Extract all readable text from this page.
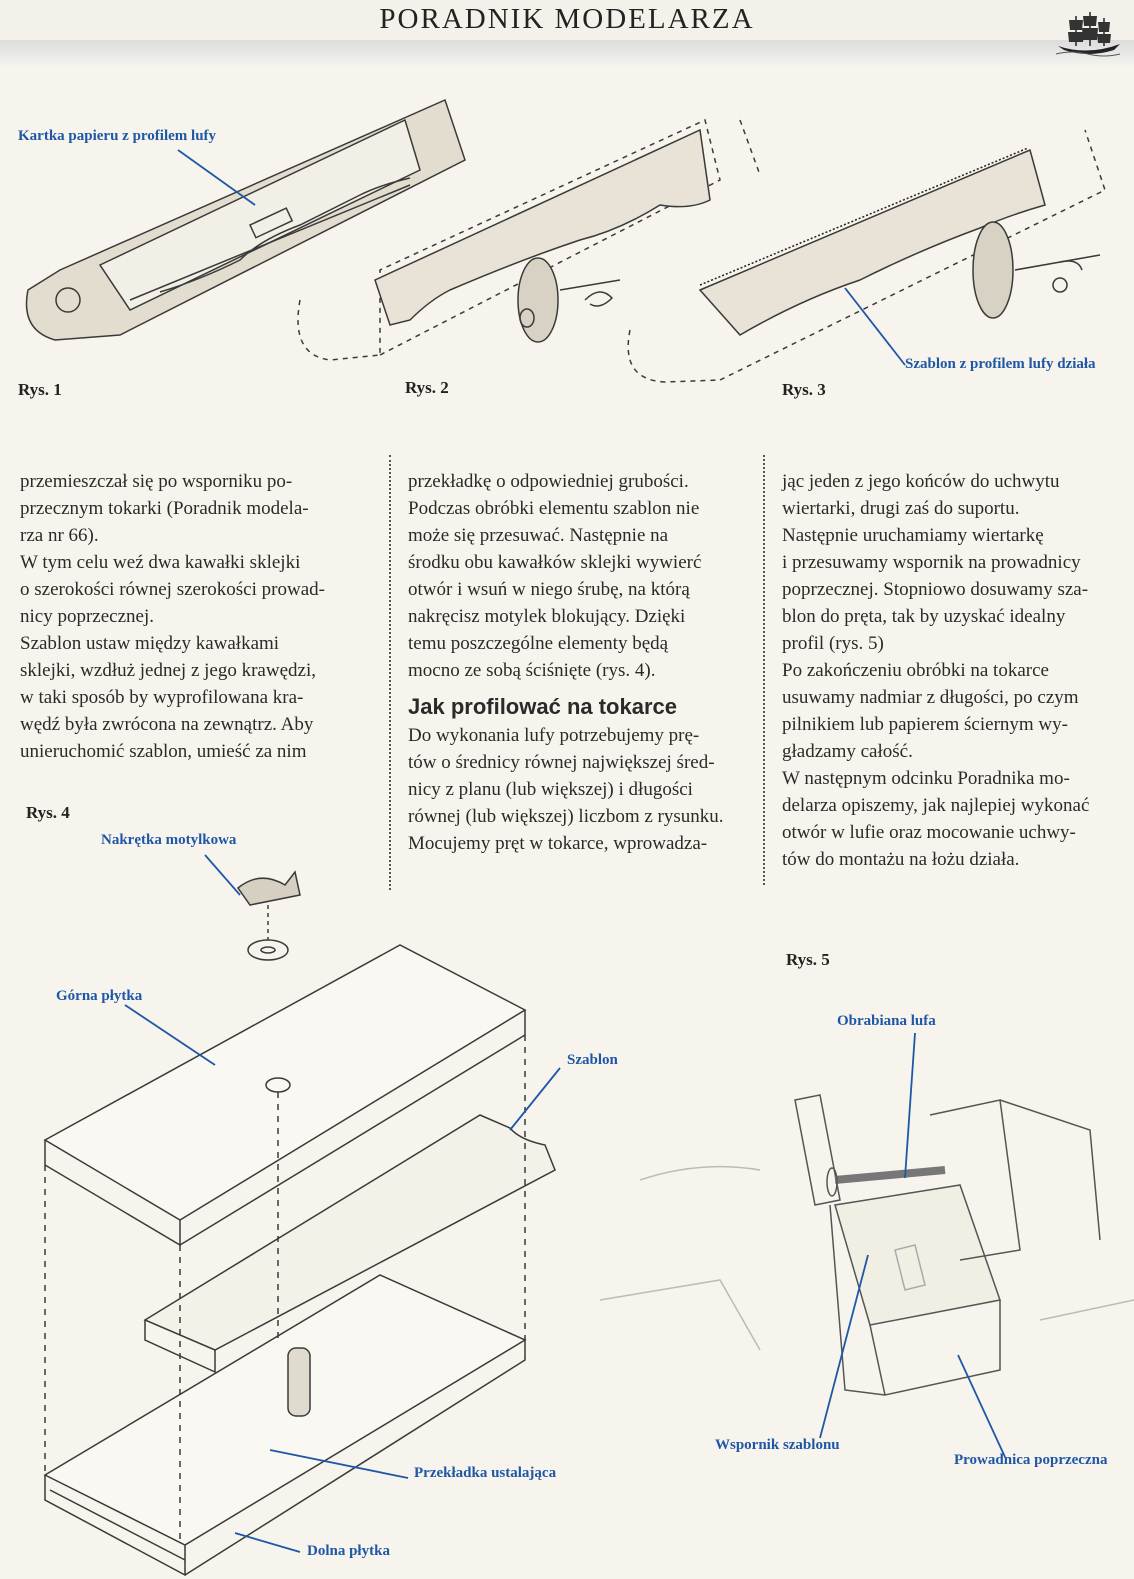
PORADNIK MODELARZA
Kartka papieru z profilem lufy
Szablon z profilem lufy działa
Nakrętka motylkowa
Górna płytka
Szablon
Przekładka ustalająca
Dolna płytka
Obrabiana lufa
Wspornik szablonu
Prowadnica poprzeczna
Rys. 1	Rys. 2	Rys. 3
Rys. 4
Rys. 5

przemieszczał się po wsporniku po-

przecznym tokarki (Poradnik modela-

rza nr 66).

W tym celu weź dwa kawałki sklejki

o szerokości równej szerokości prowad-

nicy poprzecznej.

Szablon ustaw między kawałkami

sklejki, wzdłuż jednej z jego krawędzi,

w taki sposób by wyprofilowana kra-

wędź była zwrócona na zewnątrz. Aby

unieruchomić szablon, umieść za nim

przekładkę o odpowiedniej grubości.

Podczas obróbki elementu szablon nie

może się przesuwać. Następnie na

środku obu kawałków sklejki wywierć

otwór i wsuń w niego śrubę, na którą

nakręcisz motylek blokujący. Dzięki

temu poszczególne elementy będą

mocno ze sobą ściśnięte (rys. 4).

Jak profilować na tokarce

Do wykonania lufy potrzebujemy prę-

tów o średnicy równej największej śred-

nicy z planu (lub większej) i długości

równej (lub większej) liczbom z rysunku.

Mocujemy pręt w tokarce, wprowadza-

jąc jeden z jego końców do uchwytu

wiertarki, drugi zaś do suportu.

Następnie uruchamiamy wiertarkę

i przesuwamy wspornik na prowadnicy

poprzecznej. Stopniowo dosuwamy sza-

blon do pręta, tak by uzyskać idealny

profil (rys. 5)

Po zakończeniu obróbki na tokarce

usuwamy nadmiar z długości, po czym

pilnikiem lub papierem ściernym wy-

gładzamy całość.

W następnym odcinku Poradnika mo-

delarza opiszemy, jak najlepiej wykonać

otwór w lufie oraz mocowanie uchwy-

tów do montażu na łożu działa.
